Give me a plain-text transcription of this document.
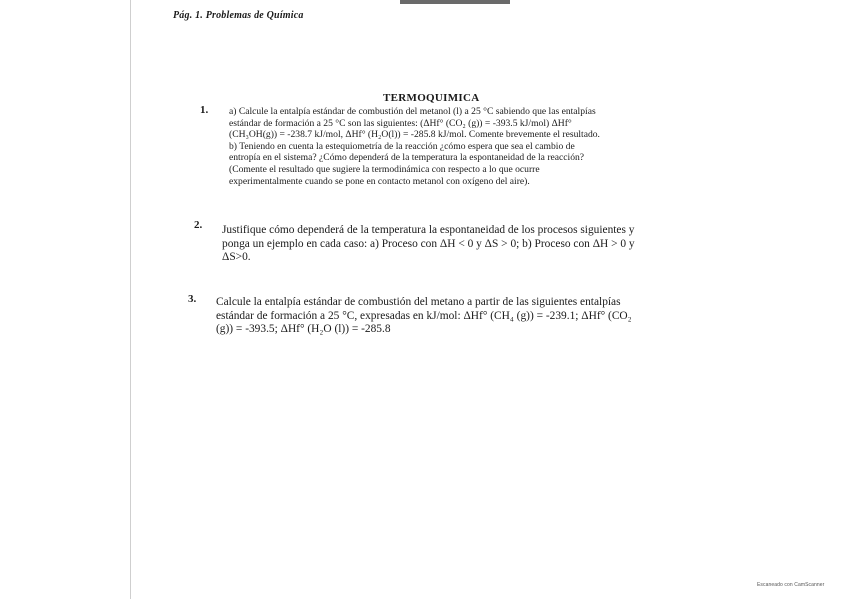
Pág. 1. Problemas de Química
TERMOQUIMICA
1. a) Calcule la entalpía estándar de combustión del metanol (l) a 25 °C sabiendo que las entalpías

estándar de formación a 25 °C son las siguientes: (ΔHf° (CO₂ (g)) = -393.5 kJ/mol) ΔHf°

(CH₃OH(g)) = -238.7 kJ/mol, ΔHf° (H₂O(l)) = -285.8 kJ/mol. Comente brevemente el resultado.

b) Teniendo en cuenta la estequiometría de la reacción ¿cómo espera que sea el cambio de

entropía en el sistema? ¿Cómo dependerá de la temperatura la espontaneidad de la reacción?

(Comente el resultado que sugiere la termodinámica con respecto a lo que ocurre

experimentalmente cuando se pone en contacto metanol con oxígeno del aire).

2. Justifique cómo dependerá de la temperatura la espontaneidad de los procesos siguientes y

ponga un ejemplo en cada caso: a) Proceso con ΔH < 0 y ΔS > 0; b) Proceso con ΔH > 0 y

ΔS>0.

3. Calcule la entalpía estándar de combustión del metano a partir de las siguientes entalpías

estándar de formación a 25 °C, expresadas en kJ/mol: ΔHf° (CH₄ (g)) = -239.1; ΔHf° (CO₂

(g)) = -393.5; ΔHf° (H₂O (l)) = -285.8

Escaneado con CamScanner
